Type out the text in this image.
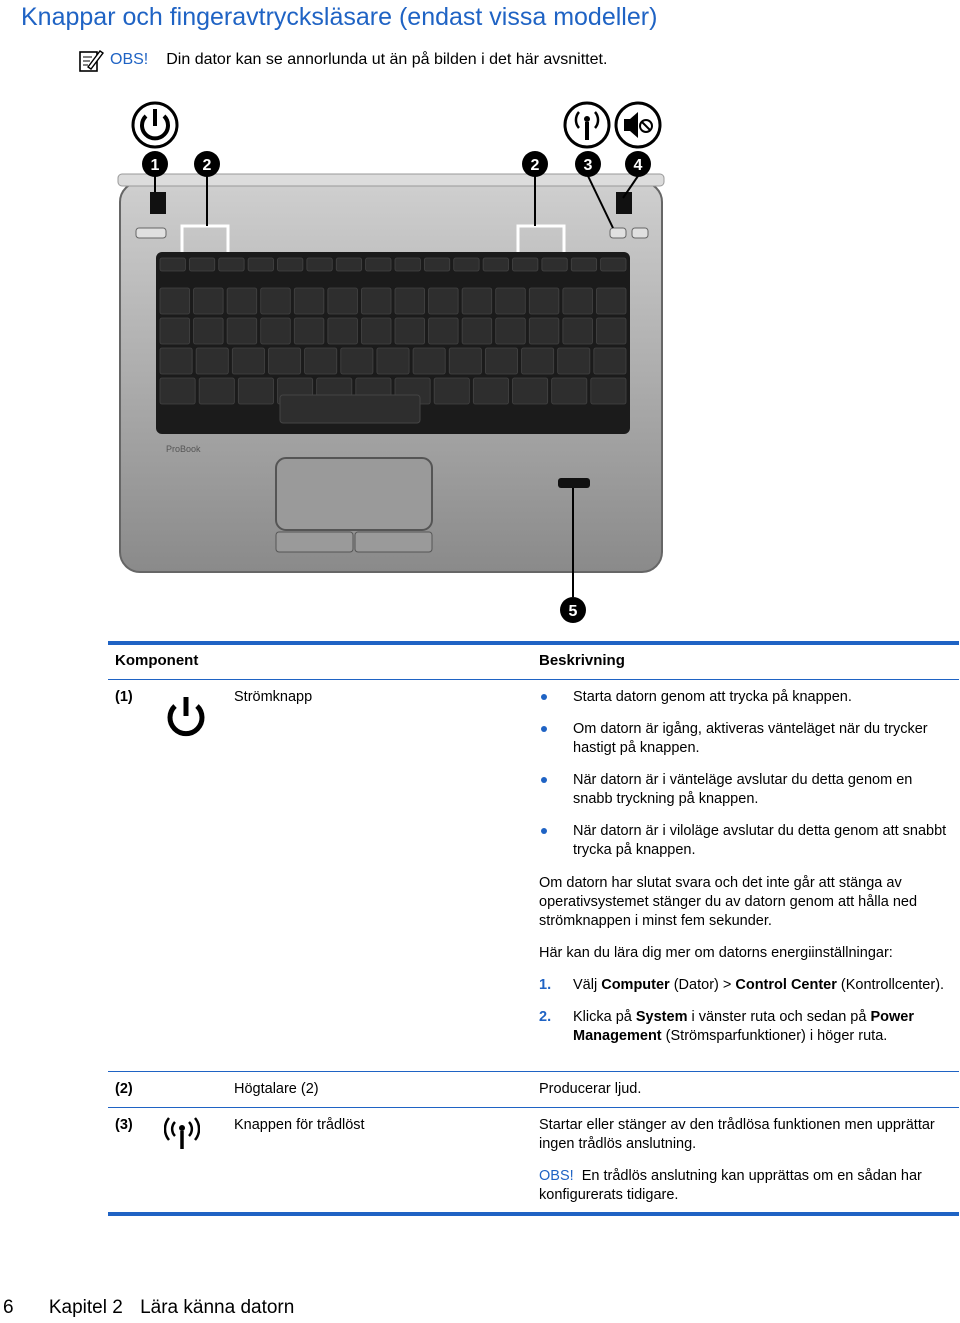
Knappar och fingeravtrycksläsare (endast vissa modeller)
OBS! Din dator kan se annorlunda ut än på bilden i det här avsnittet.
ProBook
1	2	2	3	4
5
Komponent	Beskrivning
(1)	Strömknapp	Starta datorn genom att trycka på knappen.
Om datorn är igång, aktiveras vänteläget när du trycker hastigt på knappen.
När datorn är i vänteläge avslutar du detta genom en snabb tryckning på knappen.
När datorn är i viloläge avslutar du detta genom att snabbt trycka på knappen.

Om datorn har slutat svara och det inte går att stänga av operativsystemet stänger du av datorn genom att hålla ned strömknappen i minst fem sekunder.

Här kan du lära dig mer om datorns energiinställningar:

1. Välj Computer (Dator) > Control Center (Kontrollcenter).
2. Klicka på System i vänster ruta och sedan på Power Management (Strömsparfunktioner) i höger ruta.
(2)	Högtalare (2)	Producerar ljud.
(3)	Knappen för trådlöst	Startar eller stänger av den trådlösa funktionen men upprättar ingen trådlös anslutning.

OBS! En trådlös anslutning kan upprättas om en sådan har konfigurerats tidigare.

6 Kapitel 2 Lära känna datorn
